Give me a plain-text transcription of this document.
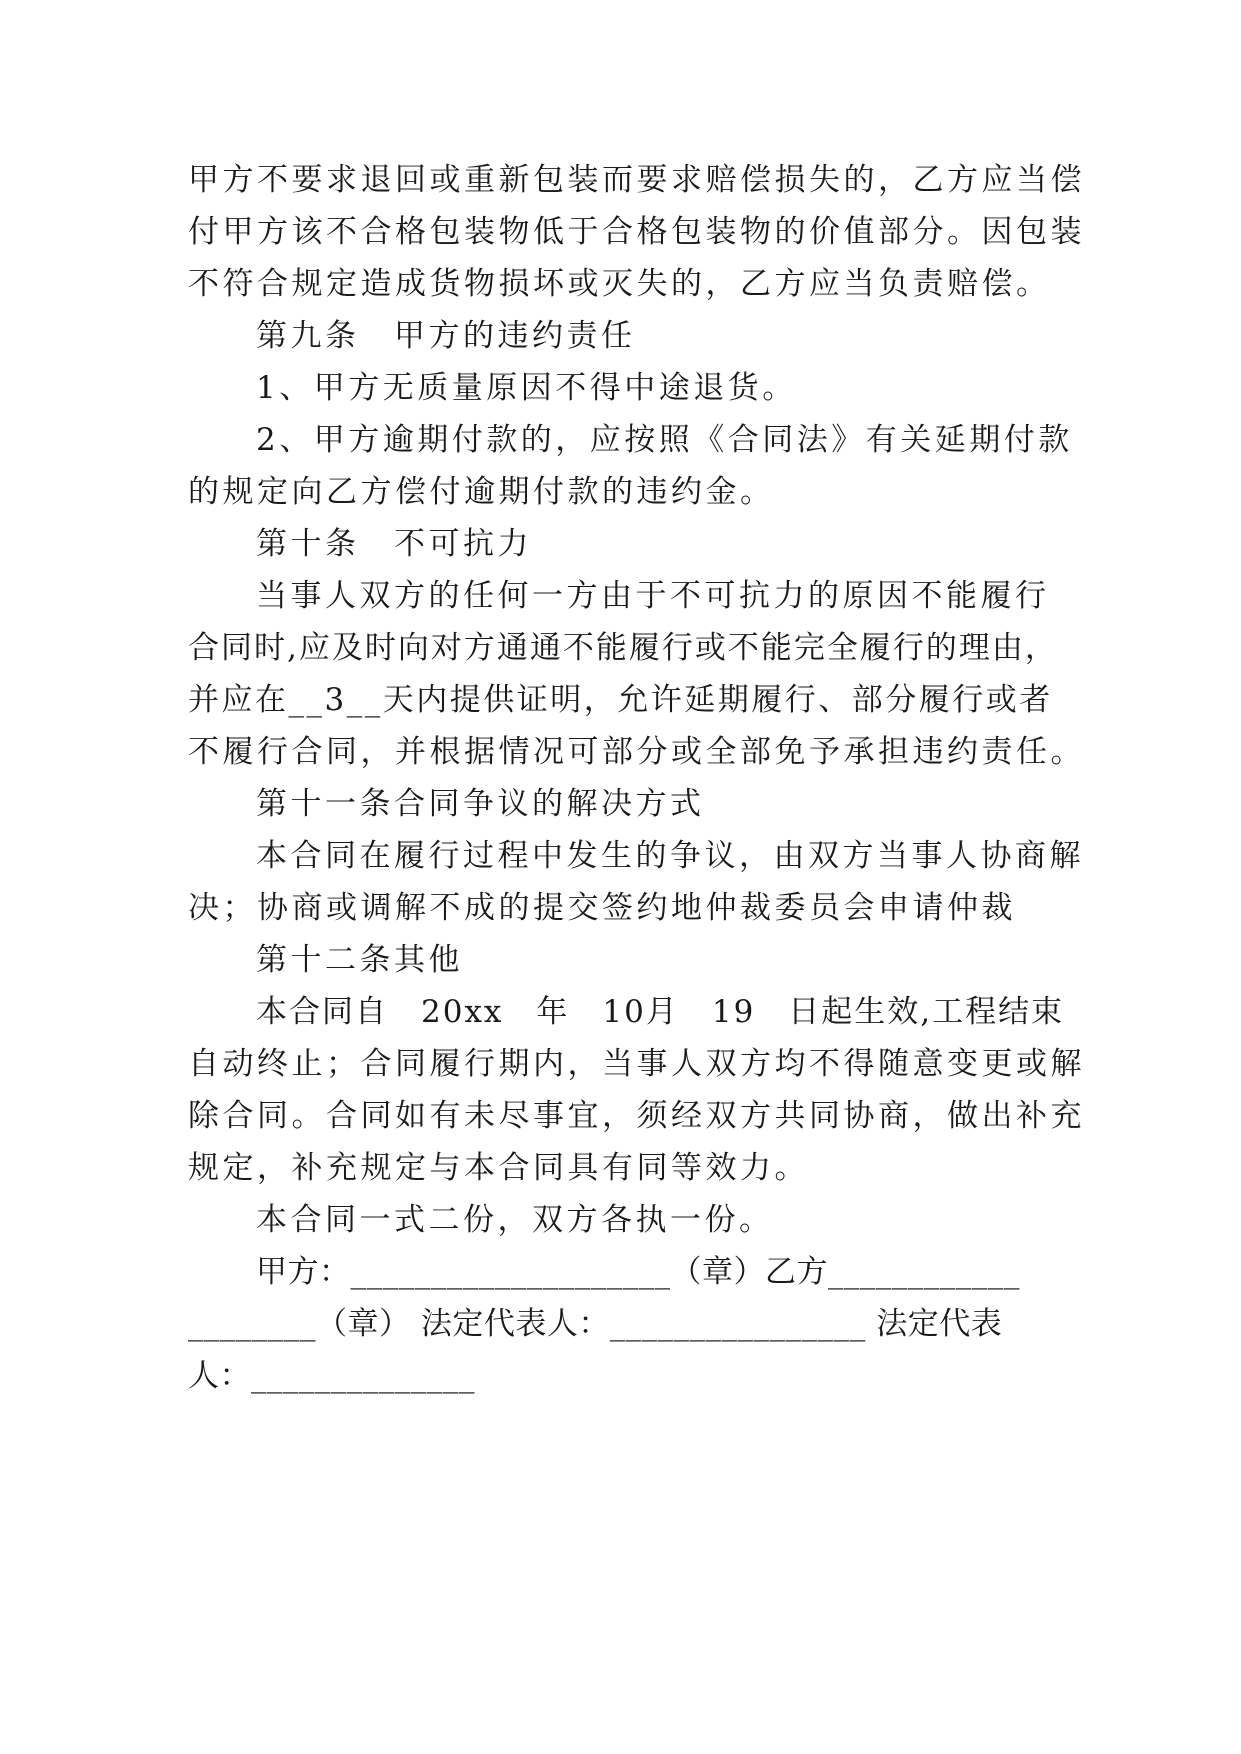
甲方不要求退回或重新包装而要求赔偿损失的，乙方应当偿
付甲方该不合格包装物低于合格包装物的价值部分。因包装
不符合规定造成货物损坏或灭失的，乙方应当负责赔偿。
第九条　甲方的违约责任
1、甲方无质量原因不得中途退货。
2、甲方逾期付款的，应按照《合同法》有关延期付款
的规定向乙方偿付逾期付款的违约金。
第十条　不可抗力
当事人双方的任何一方由于不可抗力的原因不能履行
合同时,应及时向对方通通不能履行或不能完全履行的理由，
并应在__3__天内提供证明，允许延期履行、部分履行或者
不履行合同，并根据情况可部分或全部免予承担违约责任。
第十一条合同争议的解决方式
本合同在履行过程中发生的争议，由双方当事人协商解
决；协商或调解不成的提交签约地仲裁委员会申请仲裁
第十二条其他
本合同自　20xx　年　10月　19　日起生效,工程结束
自动终止；合同履行期内，当事人双方均不得随意变更或解
除合同。合同如有未尽事宜，须经双方共同协商，做出补充
规定，补充规定与本合同具有同等效力。
本合同一式二份，双方各执一份。
甲方：____________________（章）乙方____________
________（章） 法定代表人：________________ 法定代表
人：______________
